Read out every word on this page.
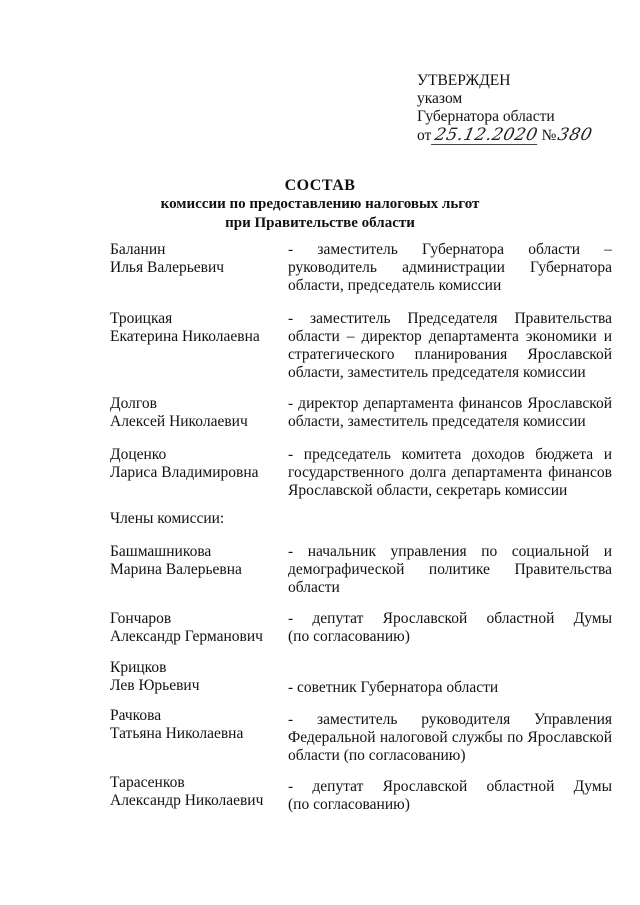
УТВЕРЖДЕН
указом
Губернатора области
от 25.12.2020 № 380
СОСТАВ
комиссии по предоставлению налоговых льгот
при Правительстве области
Баланин
Илья Валерьевич
- заместитель Губернатора области –
руководитель администрации Губернатора
области, председатель комиссии
Троицкая
Екатерина Николаевна
- заместитель Председателя Правительства
области – директор департамента экономики и
стратегического планирования Ярославской
области, заместитель председателя комиссии
Долгов
Алексей Николаевич
- директор департамента финансов Ярославской
области, заместитель председателя комиссии
Доценко
Лариса Владимировна
- председатель комитета доходов бюджета и
государственного долга департамента финансов
Ярославской области, секретарь комиссии
Члены комиссии:
Башмашникова
Марина Валерьевна
- начальник управления по социальной и
демографической политике Правительства
области
Гончаров
Александр Германович
- депутат Ярославской областной Думы
(по согласованию)
Крицков
Лев Юрьевич	- советник Губернатора области
Рачкова
Татьяна Николаевна
- заместитель руководителя Управления
Федеральной налоговой службы по Ярославской
области (по согласованию)
Тарасенков
Александр Николаевич
- депутат Ярославской областной Думы
(по согласованию)
